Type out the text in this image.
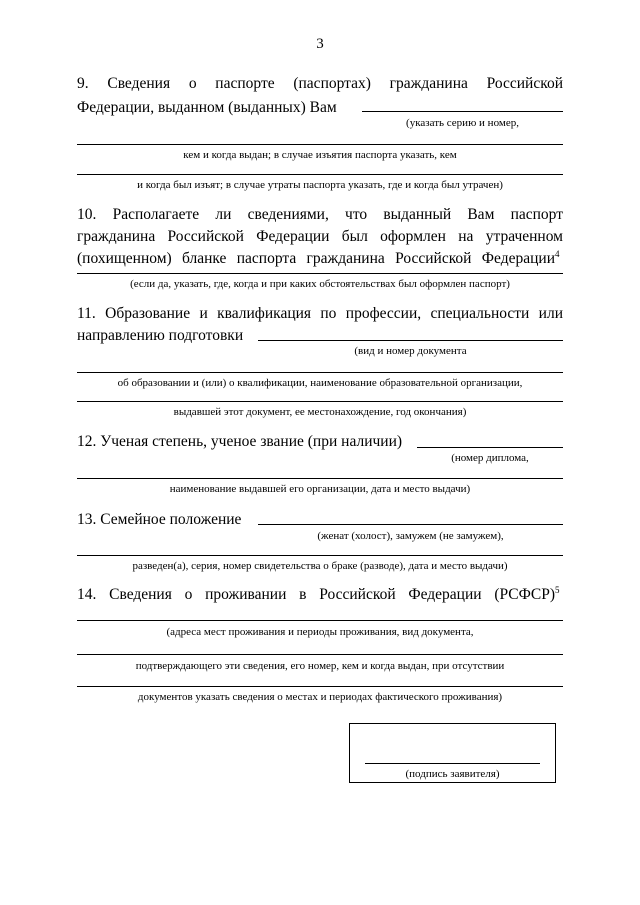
3
9. Сведения о паспорте (паспортах) гражданина Российской
Федерации, выданном (выданных) Вам
(указать серию и номер,
кем и когда выдан; в случае изъятия паспорта указать, кем
и когда был изъят; в случае утраты паспорта указать, где и когда был утрачен)
10. Располагаете ли сведениями, что выданный Вам паспорт
гражданина Российской Федерации был оформлен на утраченном
(похищенном) бланке паспорта гражданина Российской Федерации $^4$
(если да, указать, где, когда и при каких обстоятельствах был оформлен паспорт)
11. Образование и квалификация по профессии, специальности или
направлению подготовки
(вид и номер документа
об образовании и (или) о квалификации, наименование образовательной организации,
выдавшей этот документ, ее местонахождение, год окончания)
12. Ученая степень, ученое звание (при наличии)
(номер диплома,
наименование выдавшей его организации, дата и место выдачи)
13. Семейное положение
(женат (холост), замужем (не замужем),
разведен(а), серия, номер свидетельства о браке (разводе), дата и место выдачи)
14. Сведения о проживании в Российской Федерации (РСФСР) $^5$
(адреса мест проживания и периоды проживания, вид документа,
подтверждающего эти сведения, его номер, кем и когда выдан, при отсутствии
документов указать сведения о местах и периодах фактического проживания)
(подпись заявителя)
